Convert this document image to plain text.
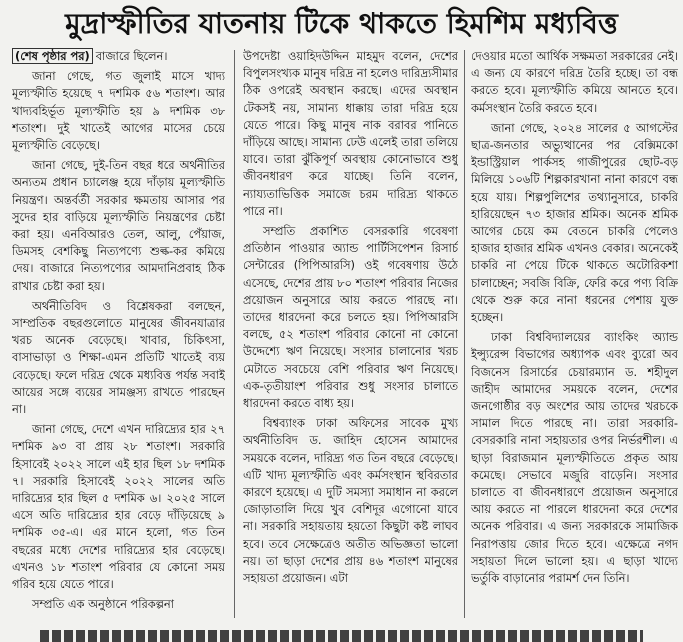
মুদ্রাস্ফীতির যাতনায় টিকে থাকতে হিমশিম মধ্যবিত্ত

(শেষ পৃষ্ঠার পর) বাজারে ছিলেন।

জানা গেছে, গত জুলাই মাসে খাদ্য মূল্যস্ফীতি হয়েছে ৭ দশমিক ৫৬ শতাংশ। আর খাদ্যবহির্ভূত মূল্যস্ফীতি হয় ৯ দশমিক ৩৮ শতাংশ। দুই খাতেই আগের মাসের চেয়ে মূল্যস্ফীতি বেড়েছে।

জানা গেছে, দুই-তিন বছর ধরে অর্থনীতির অন্যতম প্রধান চ্যালেঞ্জ হয়ে দাঁড়ায় মূল্যস্ফীতি নিয়ন্ত্রণ। অন্তর্বর্তী সরকার ক্ষমতায় আসার পর সুদের হার বাড়িয়ে মূল্যস্ফীতি নিয়ন্ত্রণের চেষ্টা করা হয়। এনবিআরও তেল, আলু, পেঁয়াজ, ডিমসহ বেশকিছু নিত্যপণ্যে শুল্ক-কর কমিয়ে দেয়। বাজারে নিত্যপণ্যের আমদানিপ্রবাহ ঠিক রাখার চেষ্টা করা হয়।

অর্থনীতিবিদ ও বিশ্লেষকরা বলছেন, সাম্প্রতিক বছরগুলোতে মানুষের জীবনযাত্রার খরচ অনেক বেড়েছে। খাবার, চিকিৎসা, বাসাভাড়া ও শিক্ষা-এমন প্রতিটি খাতেই ব্যয় বেড়েছে। ফলে দরিদ্র থেকে মধ্যবিত্ত পর্যন্ত সবাই আয়ের সঙ্গে ব্যয়ের সামঞ্জস্য রাখতে পারছেন না।

জানা গেছে, দেশে এখন দারিদ্র্যের হার ২৭ দশমিক ৯৩ বা প্রায় ২৮ শতাংশ। সরকারি হিসাবেই ২০২২ সালে এই হার ছিল ১৮ দশমিক ৭। সরকারি হিসাবেই ২০২২ সালের অতি দারিদ্র্যের হার ছিল ৫ দশমিক ৬। ২০২৫ সালে এসে অতি দারিদ্র্যের হার বেড়ে দাঁড়িয়েছে ৯ দশমিক ৩৫-এ। এর মানে হলো, গত তিন বছরের মধ্যে দেশের দারিদ্র্যের হার বেড়েছে। এখনও ১৮ শতাংশ পরিবার যে কোনো সময় গরিব হয়ে যেতে পারে।

সম্প্রতি এক অনুষ্ঠানে পরিকল্পনা

উপদেষ্টা ওয়াহিদউদ্দিন মাহমুদ বলেন, দেশের বিপুলসংখ্যক মানুষ দরিদ্র না হলেও দারিদ্র্যসীমার ঠিক ওপরেই অবস্থান করছে। এদের অবস্থান টেকসই নয়, সামান্য ধাক্কায় তারা দরিদ্র হয়ে যেতে পারে। কিছু মানুষ নাক বরাবর পানিতে দাঁড়িয়ে আছে। সামান্য ঢেউ এলেই তারা তলিয়ে যাবে। তারা ঝুঁকিপূর্ণ অবস্থায় কোনোভাবে শুধু জীবনধারণ করে যাচ্ছে। তিনি বলেন, ন্যায্যতাভিত্তিক সমাজে চরম দারিদ্র্য থাকতে পারে না।

সম্প্রতি প্রকাশিত বেসরকারি গবেষণা প্রতিষ্ঠান পাওয়ার অ্যান্ড পার্টিসিপেশন রিসার্চ সেন্টারের (পিপিআরসি) ওই গবেষণায় উঠে এসেছে, দেশের প্রায় ৮০ শতাংশ পরিবার নিজের প্রয়োজন অনুসারে আয় করতে পারছে না। তাদের ধারদেনা করে চলতে হয়। পিপিআরসি বলছে, ৫২ শতাংশ পরিবার কোনো না কোনো উদ্দেশ্যে ঋণ নিয়েছে। সংসার চালানোর খরচ মেটাতে সবচেয়ে বেশি পরিবার ঋণ নিয়েছে। এক-তৃতীয়াংশ পরিবার শুধু সংসার চালাতে ধারদেনা করতে বাধ্য হয়।

বিশ্বব্যাংক ঢাকা অফিসের সাবেক মুখ্য অর্থনীতিবিদ ড. জাহিদ হোসেন আমাদের সময়কে বলেন, দারিদ্র্য গত তিন বছরে বেড়েছে। এটি খাদ্য মূল্যস্ফীতি এবং কর্মসংস্থান স্থবিরতার কারণে হয়েছে। এ দুটি সমস্যা সমাধান না করলে জোড়াতালি দিয়ে খুব বেশিদূর এগোনো যাবে না। সরকারি সহায়তায় হয়তো কিছুটা কষ্ট লাঘব হবে। তবে সেক্ষেত্রেও অতীত অভিজ্ঞতা ভালো নয়। তা ছাড়া দেশের প্রায় ৪৬ শতাংশ মানুষের সহায়তা প্রয়োজন। এটা

দেওয়ার মতো আর্থিক সক্ষমতা সরকারের নেই। এ জন্য যে কারণে দরিদ্র তৈরি হচ্ছে। তা বন্ধ করতে হবে। মূল্যস্ফীতি কমিয়ে আনতে হবে। কর্মসংস্থান তৈরি করতে হবে।

জানা গেছে, ২০২৪ সালের ৫ আগস্টের ছাত্র-জনতার অভ্যুত্থানের পর বেক্সিমকো ইন্ডাস্ট্রিয়াল পার্কসহ গাজীপুরের ছোট-বড় মিলিয়ে ১০৬টি শিল্পকারখানা নানা কারণে বন্ধ হয়ে যায়। শিল্পপুলিশের তথ্যানুসারে, চাকরি হারিয়েছেন ৭৩ হাজার শ্রমিক। অনেক শ্রমিক আগের চেয়ে কম বেতনে চাকরি পেলেও হাজার হাজার শ্রমিক এখনও বেকার। অনেকেই চাকরি না পেয়ে টিকে থাকতে অটোরিকশা চালাচ্ছেন; সবজি বিক্রি, ফেরি করে পণ্য বিক্রি থেকে শুরু করে নানা ধরনের পেশায় যুক্ত হচ্ছেন।

ঢাকা বিশ্ববিদ্যালয়ের ব্যাংকিং অ্যান্ড ইন্স্যুরেন্স বিভাগের অধ্যাপক এবং ব্যুরো অব বিজনেস রিসার্চের চেয়ারম্যান ড. শহীদুল জাহীদ আমাদের সময়কে বলেন, দেশের জনগোষ্ঠীর বড় অংশের আয় তাদের খরচকে সামাল দিতে পারছে না। তারা সরকারি-বেসরকারি নানা সহায়তার ওপর নির্ভরশীল। এ ছাড়া বিরাজমান মূল্যস্ফীতিতে প্রকৃত আয় কমেছে। সেভাবে মজুরি বাড়েনি। সংসার চালাতে বা জীবনধারণে প্রয়োজন অনুসারে আয় করতে না পারলে ধারদেনা করে দেশের অনেক পরিবার। এ জন্য সরকারকে সামাজিক নিরাপত্তায় জোর দিতে হবে। এক্ষেত্রে নগদ সহায়তা দিলে ভালো হয়। এ ছাড়া খাদ্যে ভর্তুকি বাড়ানোর পরামর্শ দেন তিনি।
